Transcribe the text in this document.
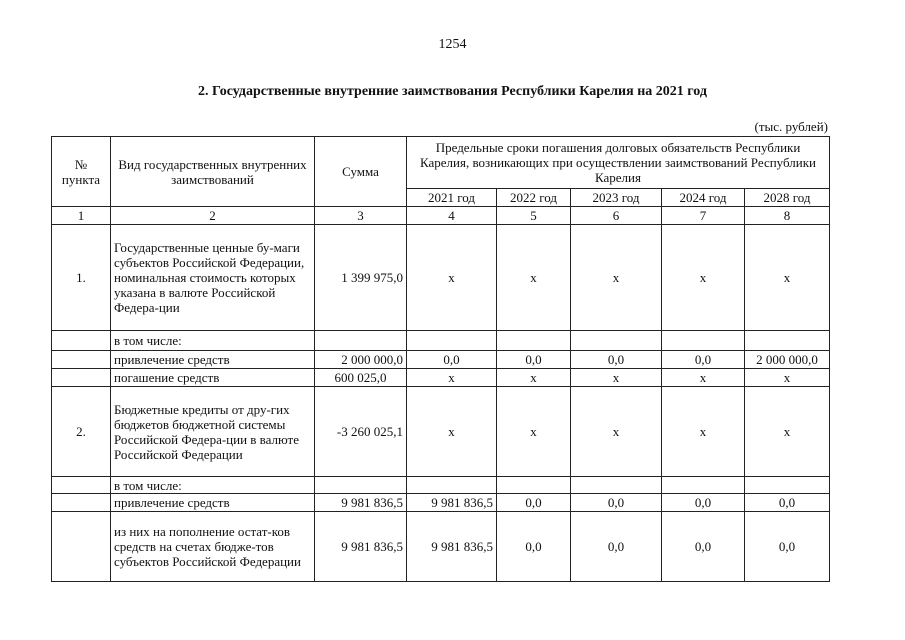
1254
2. Государственные внутренние заимствования Республики Карелия на 2021 год
(тыс. рублей)
№ пункта	Вид государственных внутренних заимствований	Сумма	Предельные сроки погашения долговых обязательств Республики Карелия, возникающих при осуществлении заимствований Республики Карелия				
			2021 год	2022 год	2023 год	2024 год	2028 год
1	2	3	4	5	6	7	8
1.	Государственные ценные бу-маги субъектов Российской Федерации, номинальная стоимость которых указана в валюте Российской Федера-ции	1 399 975,0	х	х	х	х	х
	в том числе:						
	привлечение средств	2 000 000,0	0,0	0,0	0,0	0,0	2 000 000,0
	погашение средств	600 025,0	х	х	х	х	х
2.	Бюджетные кредиты от дру-гих бюджетов бюджетной системы Российской Федера-ции в валюте Российской Федерации	-3 260 025,1	х	х	х	х	х
	в том числе:						
	привлечение средств	9 981 836,5	9 981 836,5	0,0	0,0	0,0	0,0
	из них на пополнение остат-ков средств на счетах бюдже-тов субъектов Российской Федерации	9 981 836,5	9 981 836,5	0,0	0,0	0,0	0,0
